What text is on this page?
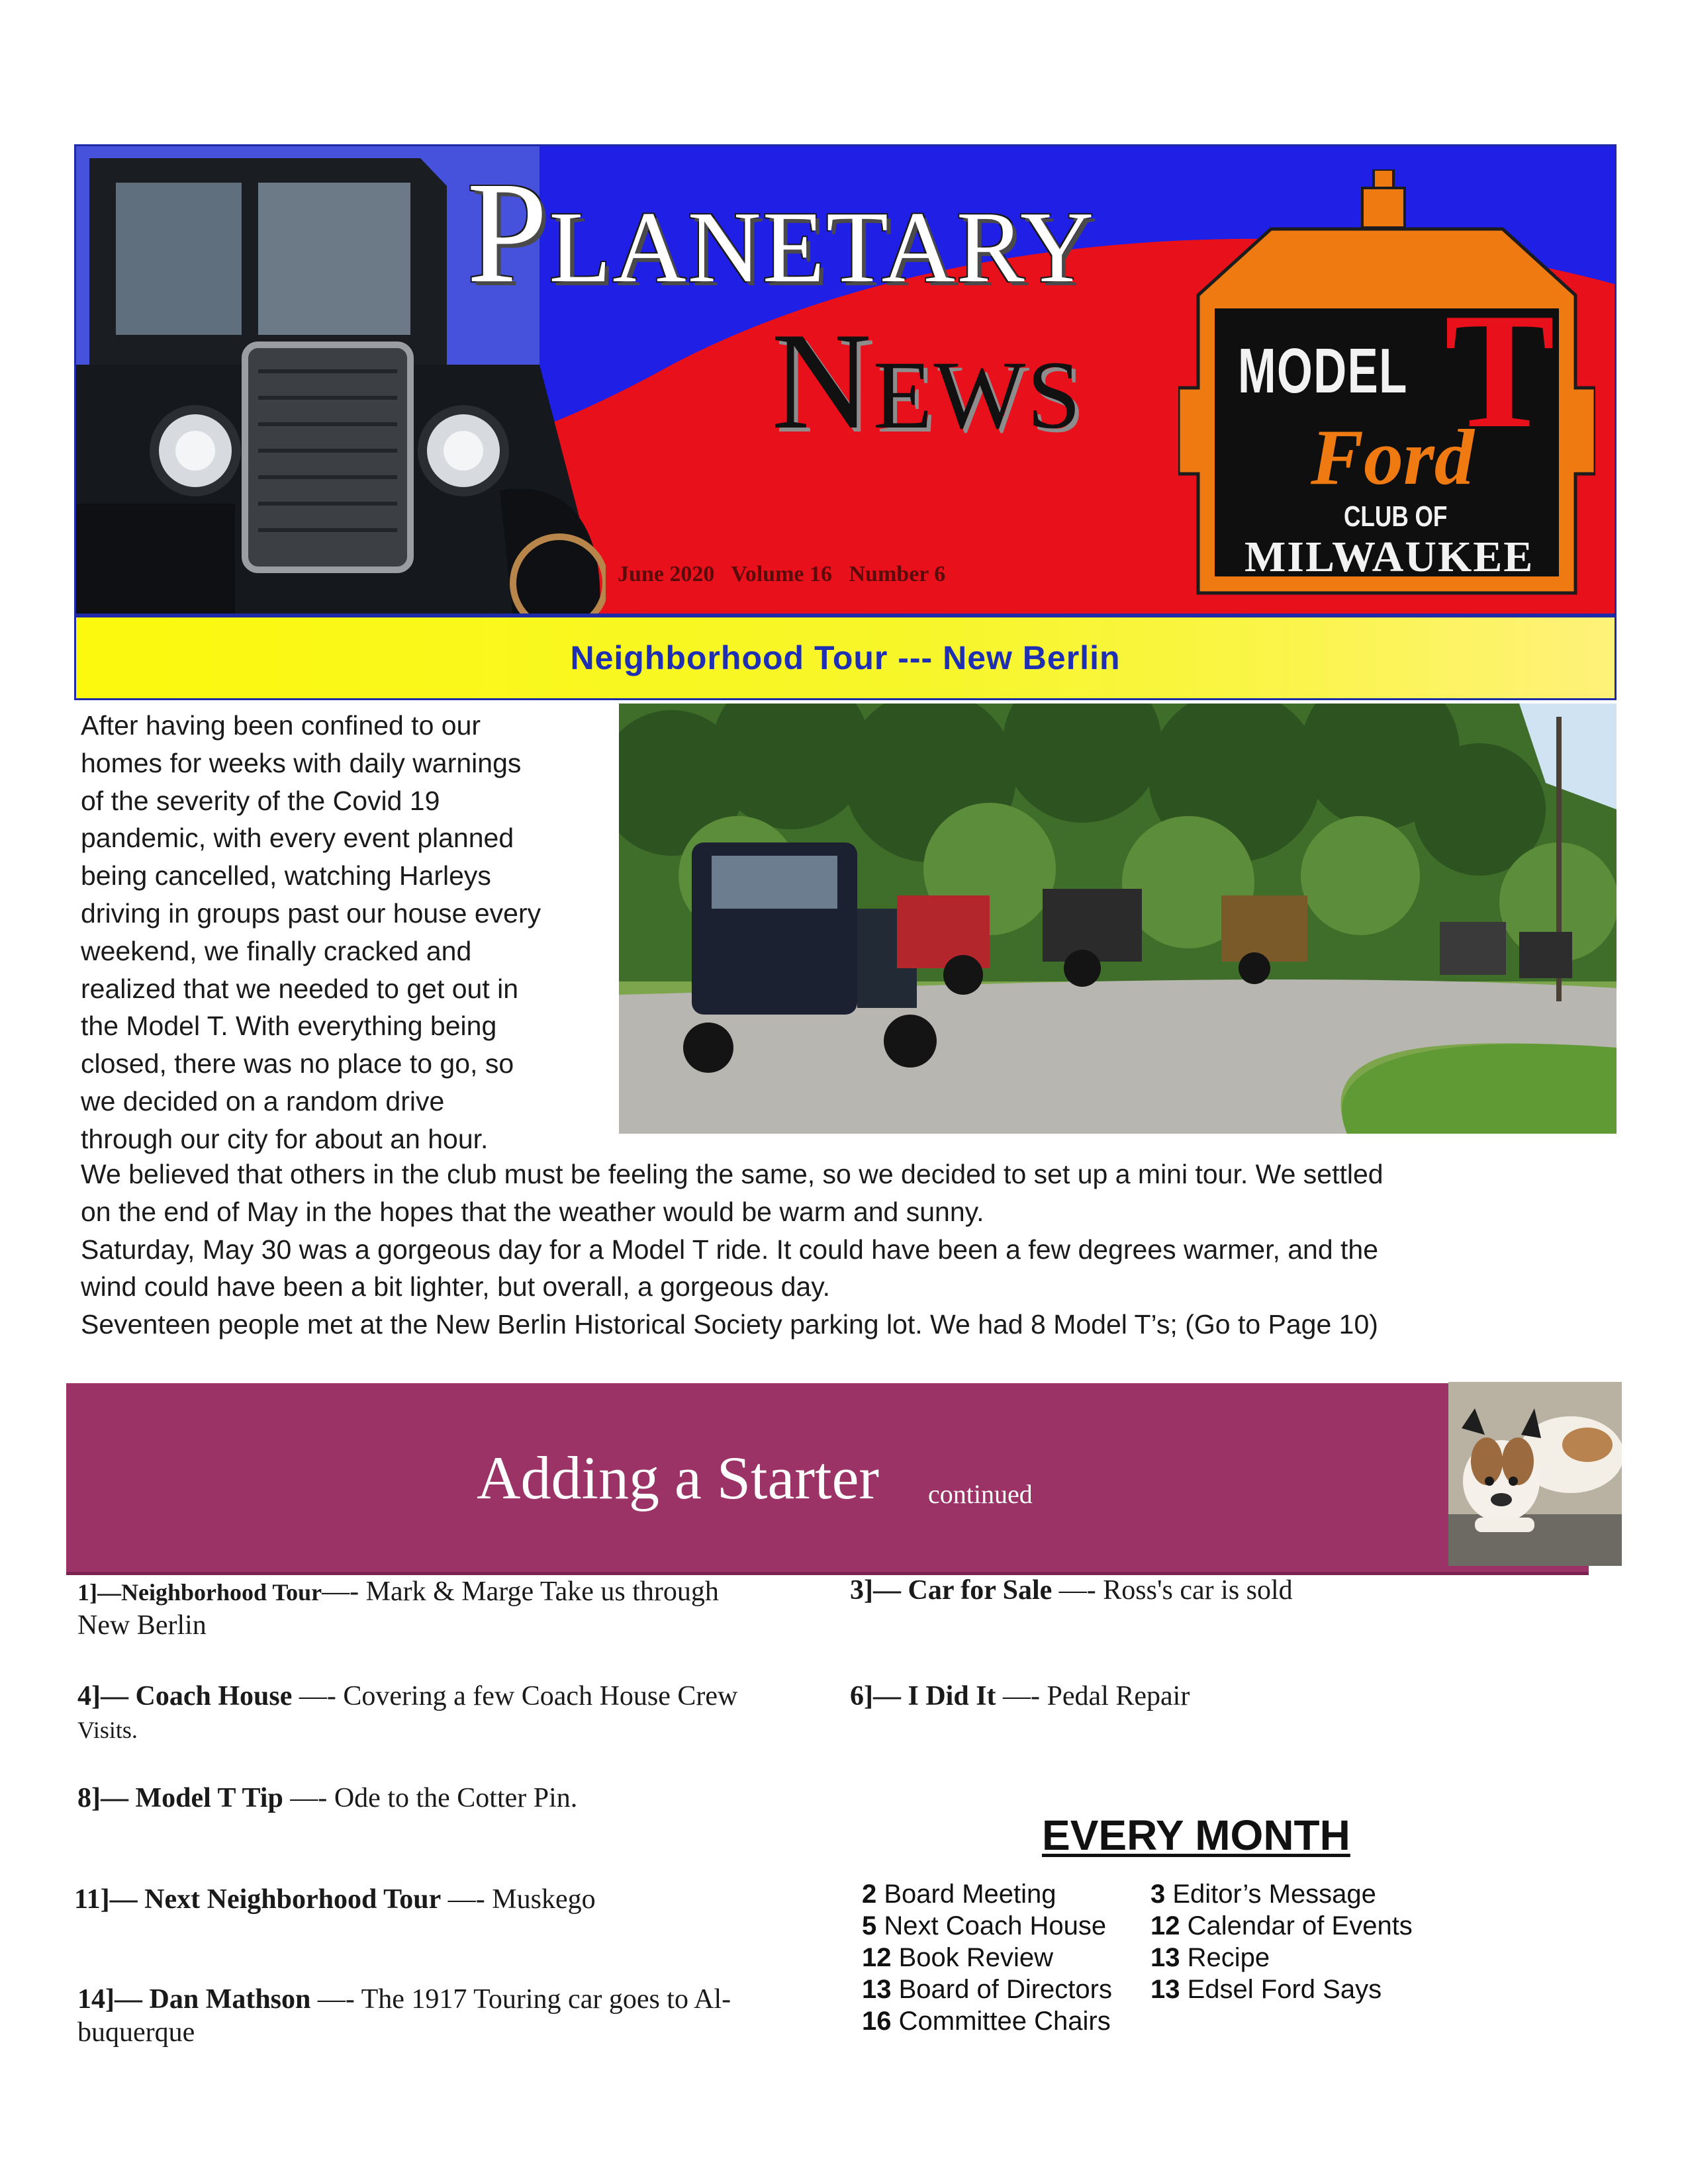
Planetary
News
June 2020   Volume 16   Number 6
MODEL T
Ford
CLUB OF
MILWAUKEE
Neighborhood Tour --- New Berlin

After having been confined to our

homes for weeks with daily warnings

of the severity of the Covid 19

pandemic, with every event planned

being cancelled, watching Harleys

driving in groups past our house every

weekend, we finally cracked and

realized that we needed to get out in

the Model T. With everything being

closed, there was no place to go, so

we decided on a random drive

through our city for about an hour.

We believed that others in the club must be feeling the same, so we decided to set up a mini tour. We settled

on the end of May in the hopes that the weather would be warm and sunny.

Saturday, May 30 was a gorgeous day for a Model T ride. It could have been a few degrees warmer, and the

wind could have been a bit lighter, but overall, a gorgeous day.

Seventeen people met at the New Berlin Historical Society parking lot. We had 8 Model T’s; (Go to Page 10)

Adding a Starter continued
1]—Neighborhood Tour—- Mark & Marge Take us through
New Berlin
3]— Car for Sale —- Ross's car is sold
4]— Coach House —- Covering a few Coach House Crew
Visits.
6]— I Did It —- Pedal Repair
8]— Model T Tip —- Ode to the Cotter Pin.
11]— Next Neighborhood Tour —- Muskego
14]— Dan Mathson —- The 1917 Touring car goes to Al-
buquerque
EVERY MONTH
2 Board Meeting
5 Next Coach House
12 Book Review
13 Board of Directors
16 Committee Chairs
3 Editor’s Message
12 Calendar of Events
13 Recipe
13 Edsel Ford Says
